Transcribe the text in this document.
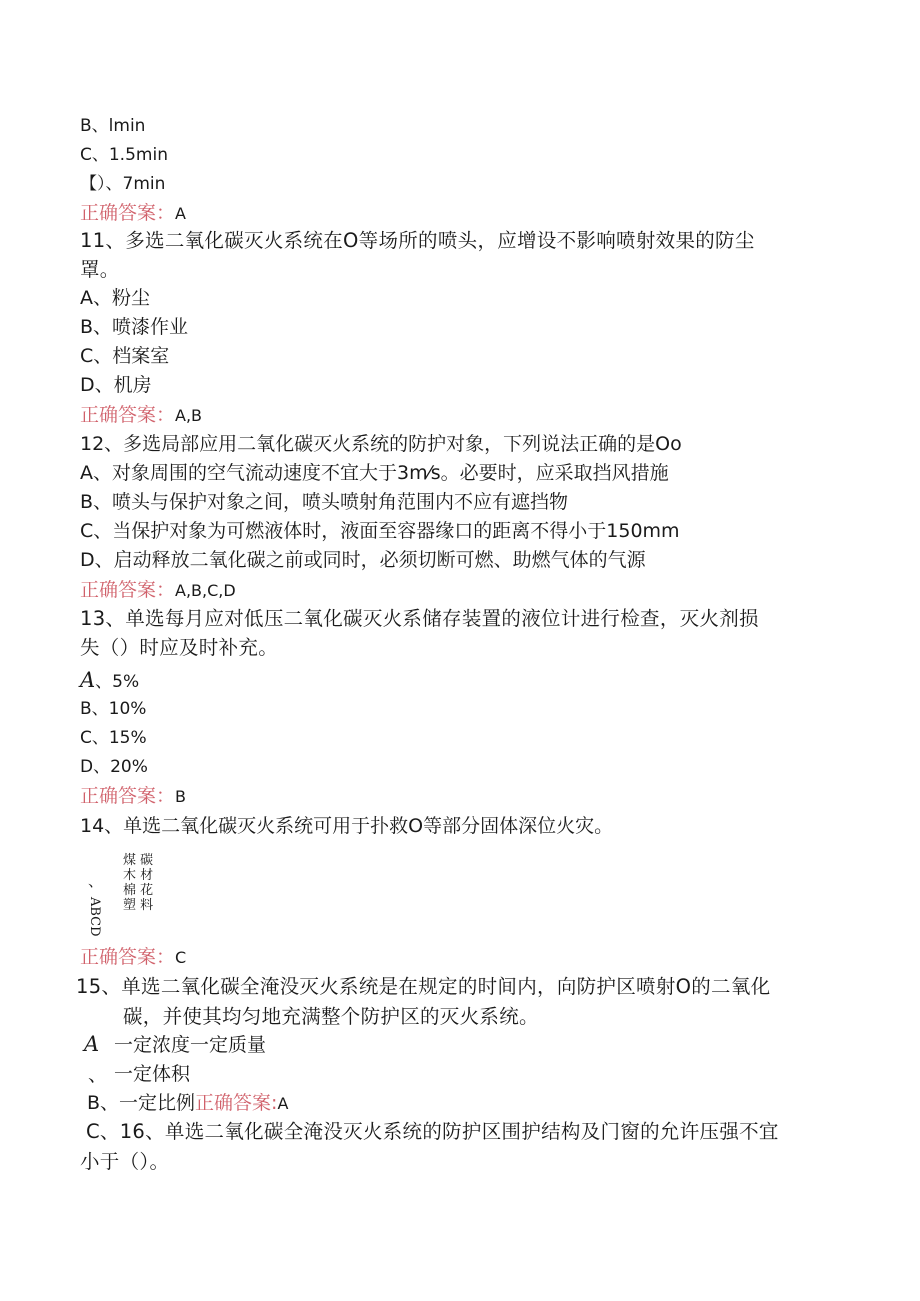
B、lmin
C、1.5min
【）、7min
正确答案：A
11、多选二氧化碳灭火系统在O等场所的喷头，应增设不影响喷射效果的防尘
罩。
A、粉尘
B、喷漆作业
C、档案室
D、机房
正确答案：A,B
12、多选局部应用二氧化碳灭火系统的防护对象，下列说法正确的是Oo
A、对象周围的空气流动速度不宜大于3m⁄s。必要时，应采取挡风措施
B、喷头与保护对象之间，喷头喷射角范围内不应有遮挡物
C、当保护对象为可燃液体时，液面至容器缘口的距离不得小于150mm
D、启动释放二氧化碳之前或同时，必须切断可燃、助燃气体的气源
正确答案：A,B,C,D
13、单选每月应对低压二氧化碳灭火系储存装置的液位计进行检查，灭火剂损
失（）时应及时补充。
A、5%
B、10%
C、15%
D、20%
正确答案：B
14、单选二氧化碳灭火系统可用于扑救O等部分固体深位火灾。
煤 碳
木 材
棉 花
塑 料
、
ABCD
正确答案：C
15、单选二氧化碳全淹没灭火系统是在规定的时间内，向防护区喷射O的二氧化
碳，并使其均匀地充满整个防护区的灭火系统。
A 一定浓度一定质量
、 一定体积
B、一定比例正确答案:A
C、16、单选二氧化碳全淹没灭火系统的防护区围护结构及门窗的允许压强不宜
小于（）。
